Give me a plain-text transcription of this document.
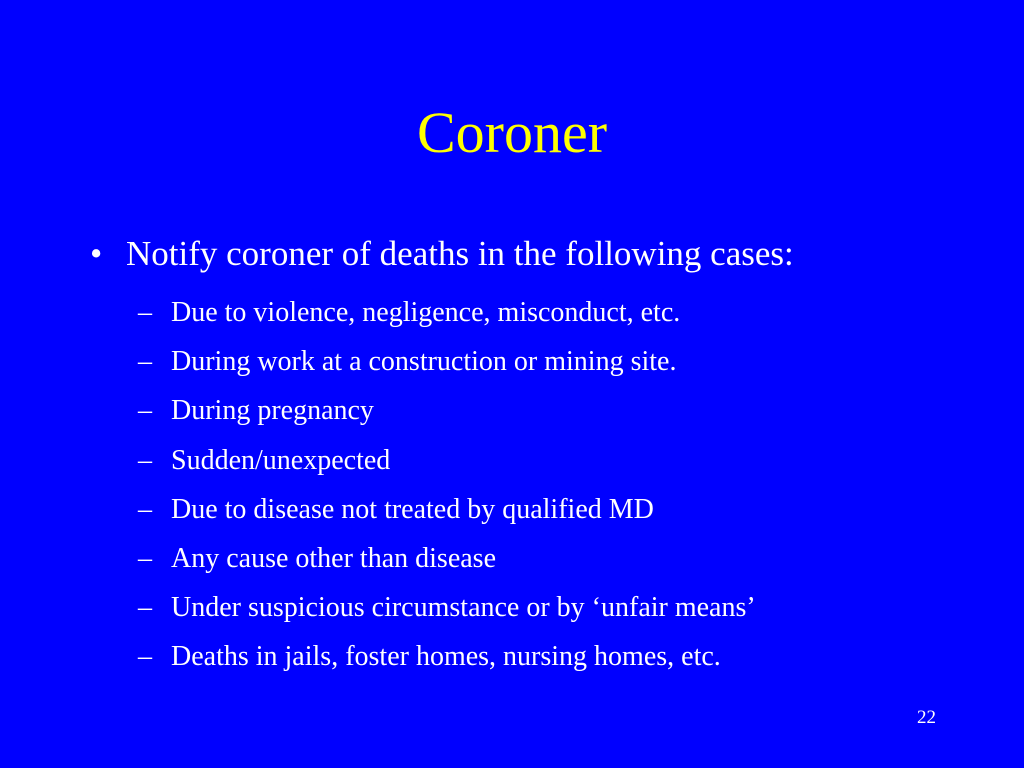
Coroner
• Notify coroner of deaths in the following cases:
– Due to violence, negligence, misconduct, etc.
– During work at a construction or mining site.
– During pregnancy
– Sudden/unexpected
– Due to disease not treated by qualified MD
– Any cause other than disease
– Under suspicious circumstance or by ‘unfair means’
– Deaths in jails, foster homes, nursing homes, etc.
22
